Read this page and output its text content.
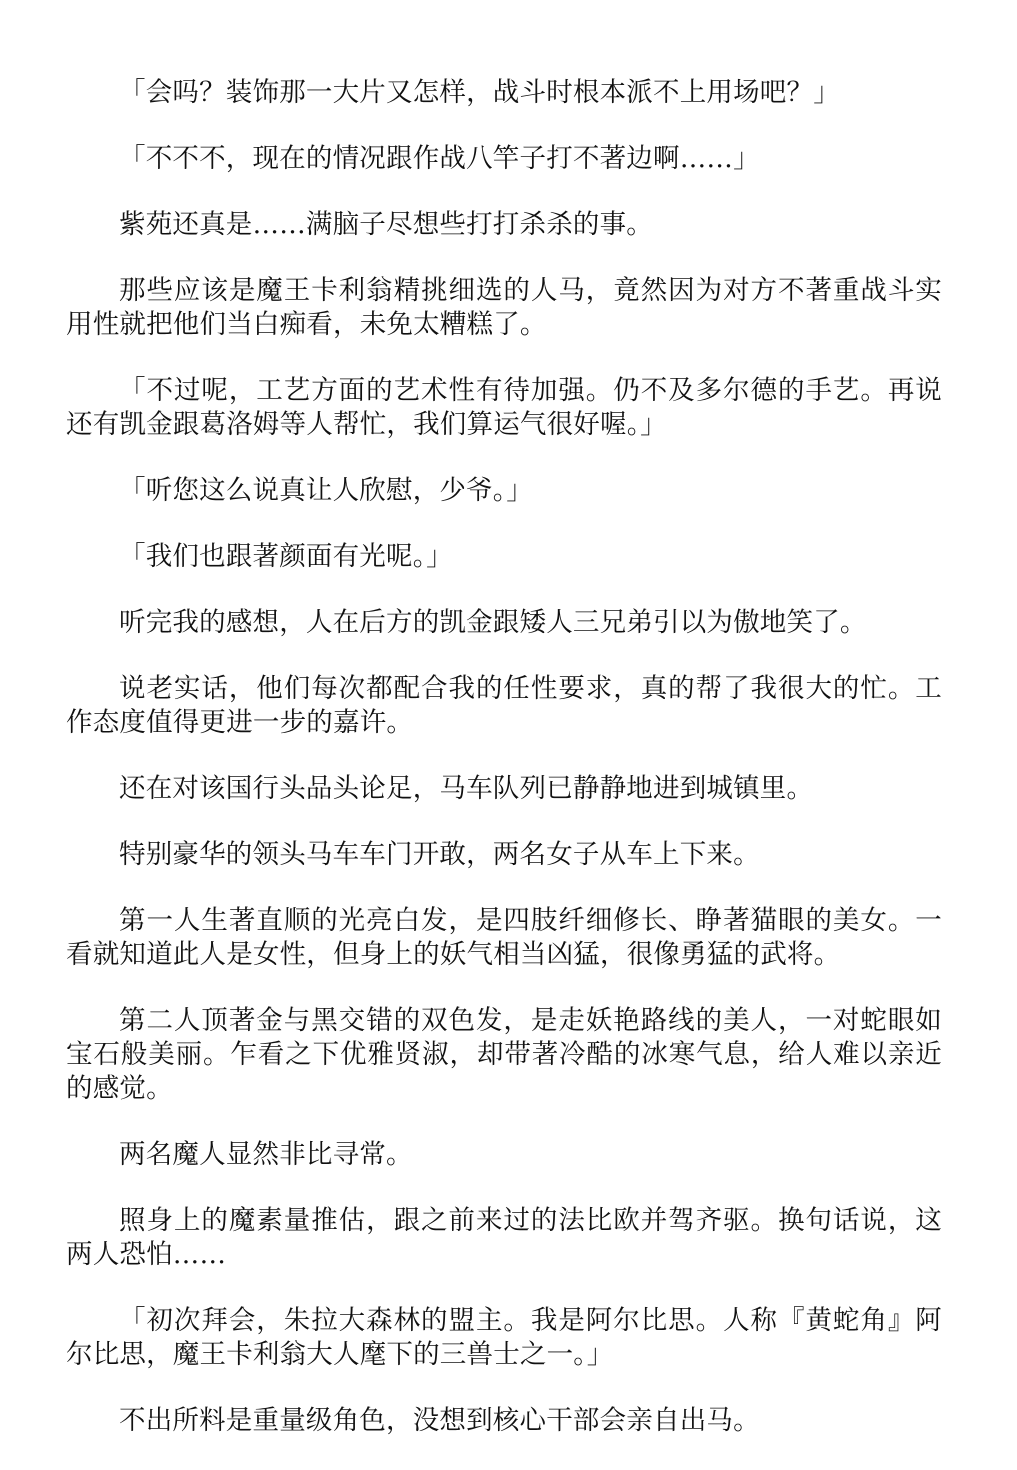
「会吗？装饰那一大片又怎样，战斗时根本派不上用场吧？」

「不不不，现在的情况跟作战八竿子打不著边啊……」

紫苑还真是……满脑子尽想些打打杀杀的事。

那些应该是魔王卡利翁精挑细选的人马，竟然因为对方不著重战斗实用性就把他们当白痴看，未免太糟糕了。

「不过呢，工艺方面的艺术性有待加强。仍不及多尔德的手艺。再说还有凯金跟葛洛姆等人帮忙，我们算运气很好喔。」

「听您这么说真让人欣慰，少爷。」

「我们也跟著颜面有光呢。」

听完我的感想，人在后方的凯金跟矮人三兄弟引以为傲地笑了。

说老实话，他们每次都配合我的任性要求，真的帮了我很大的忙。工作态度值得更进一步的嘉许。

还在对该国行头品头论足，马车队列已静静地进到城镇里。

特别豪华的领头马车车门开敢，两名女子从车上下来。

第一人生著直顺的光亮白发，是四肢纤细修长、睁著猫眼的美女。一看就知道此人是女性，但身上的妖气相当凶猛，很像勇猛的武将。

第二人顶著金与黑交错的双色发，是走妖艳路线的美人，一对蛇眼如宝石般美丽。乍看之下优雅贤淑，却带著冷酷的冰寒气息，给人难以亲近的感觉。

两名魔人显然非比寻常。

照身上的魔素量推估，跟之前来过的法比欧并驾齐驱。换句话说，这两人恐怕……

「初次拜会，朱拉大森林的盟主。我是阿尔比思。人称『黄蛇角』阿尔比思，魔王卡利翁大人麾下的三兽士之一。」

不出所料是重量级角色，没想到核心干部会亲自出马。
